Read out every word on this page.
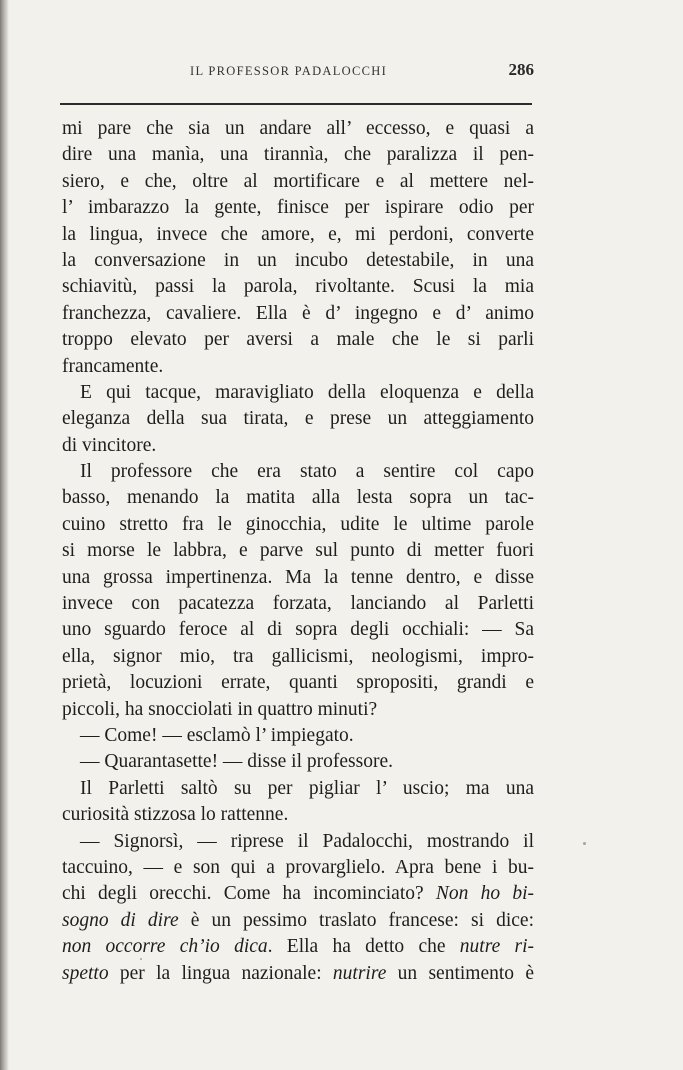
IL PROFESSOR PADALOCCHI	286
mi pare che sia un andare all’ eccesso, e quasi a
dire una manìa, una tirannìa, che paralizza il pen-
siero, e che, oltre al mortificare e al mettere nel-
l’ imbarazzo la gente, finisce per ispirare odio per
la lingua, invece che amore, e, mi perdoni, converte
la conversazione in un incubo detestabile, in una
schiavitù, passi la parola, rivoltante. Scusi la mia
franchezza, cavaliere. Ella è d’ ingegno e d’ animo
troppo elevato per aversi a male che le si parli
francamente.
E qui tacque, maravigliato della eloquenza e della
eleganza della sua tirata, e prese un atteggiamento
di vincitore.
Il professore che era stato a sentire col capo
basso, menando la matita alla lesta sopra un tac-
cuino stretto fra le ginocchia, udite le ultime parole
si morse le labbra, e parve sul punto di metter fuori
una grossa impertinenza. Ma la tenne dentro, e disse
invece con pacatezza forzata, lanciando al Parletti
uno sguardo feroce al di sopra degli occhiali: — Sa
ella, signor mio, tra gallicismi, neologismi, impro-
prietà, locuzioni errate, quanti spropositi, grandi e
piccoli, ha snocciolati in quattro minuti?
— Come! — esclamò l’ impiegato.
— Quarantasette! — disse il professore.
Il Parletti saltò su per pigliar l’ uscio; ma una
curiosità stizzosa lo rattenne.
— Signorsì, — riprese il Padalocchi, mostrando il
taccuino, — e son qui a provarglielo. Apra bene i bu-
chi degli orecchi. Come ha incominciato? Non ho bi-
sogno di dire è un pessimo traslato francese: si dice:
non occorre ch’io dica. Ella ha detto che nutre ri-
spetto per la lingua nazionale: nutrire un sentimento è
